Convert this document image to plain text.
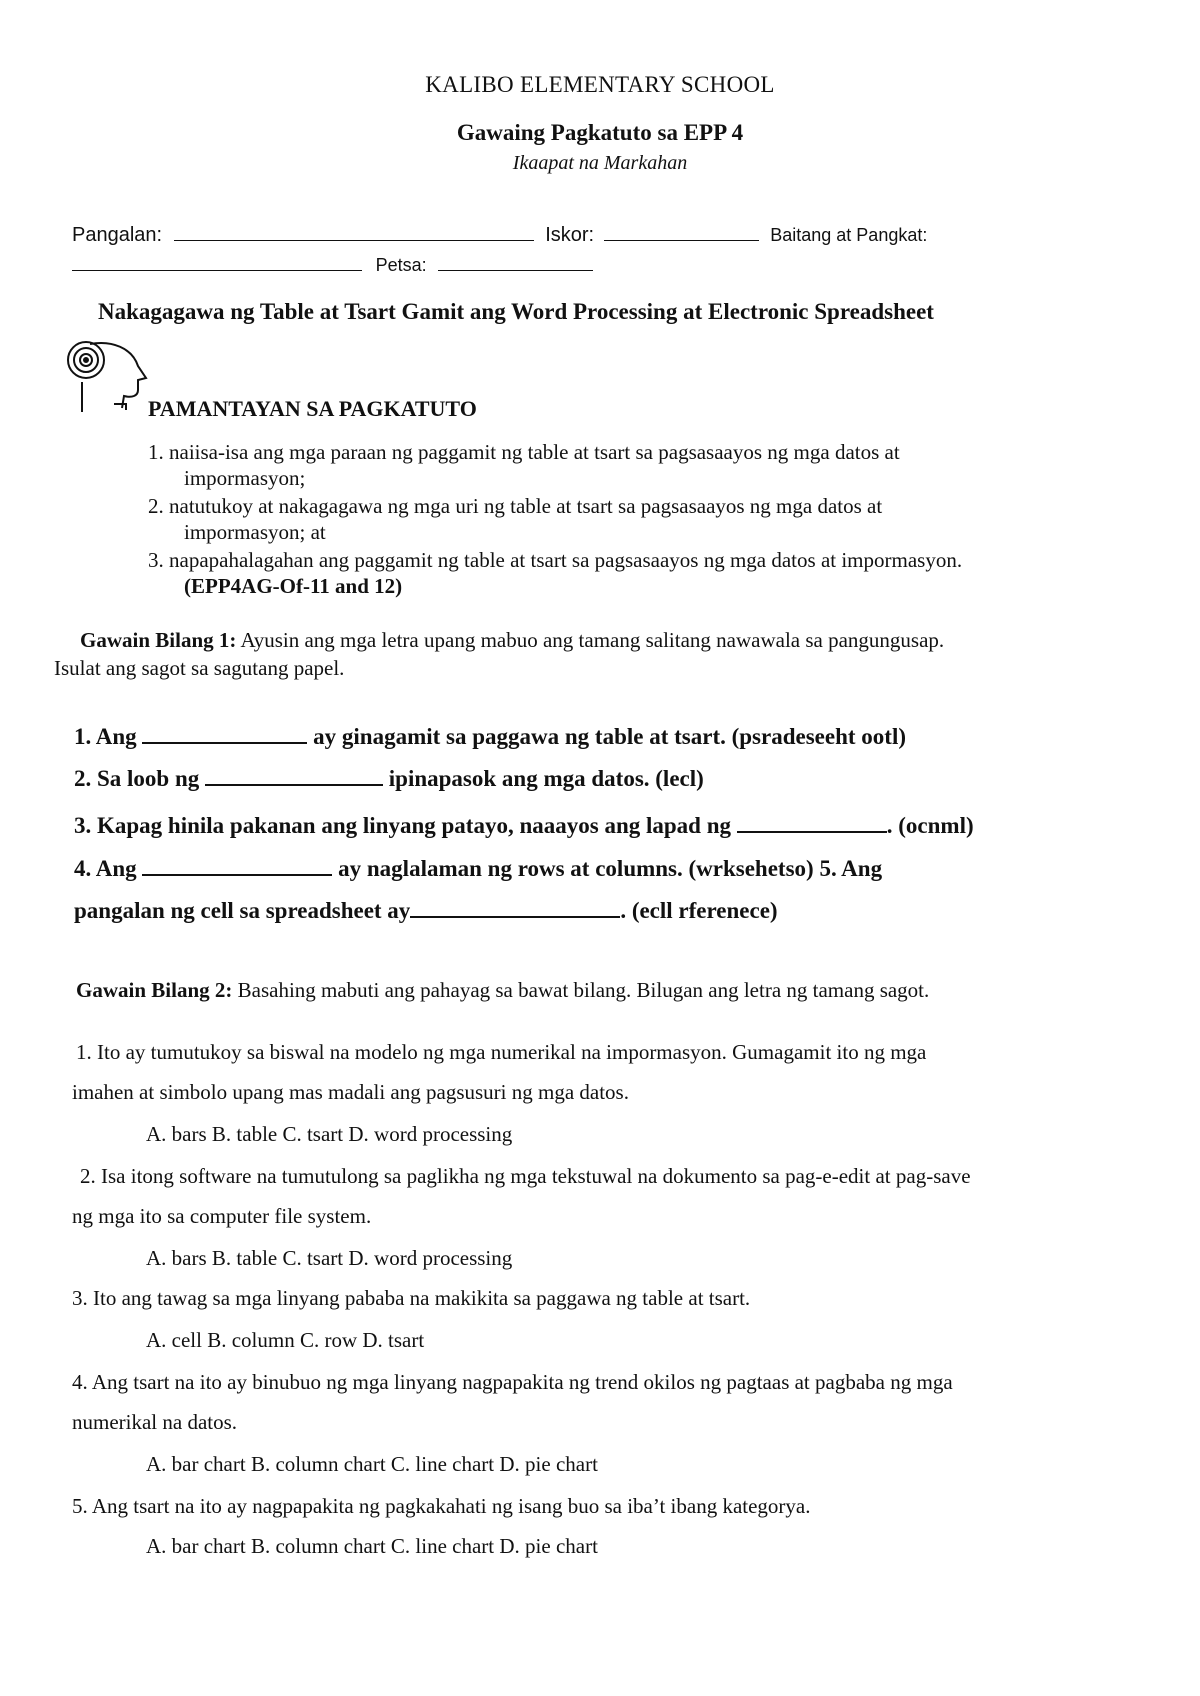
KALIBO ELEMENTARY SCHOOL
Gawaing Pagkatuto sa EPP 4
Ikaapat na Markahan
Pangalan:	Iskor:	Baitang at Pangkat:
Petsa:
Nakagagawa ng Table at Tsart Gamit ang Word Processing at Electronic Spreadsheet
PAMANTAYAN SA PAGKATUTO
1. naiisa-isa ang mga paraan ng paggamit ng table at tsart sa pagsasaayos ng mga datos at
impormasyon;
2. natutukoy at nakagagawa ng mga uri ng table at tsart sa pagsasaayos ng mga datos at
impormasyon; at
3. napapahalagahan ang paggamit ng table at tsart sa pagsasaayos ng mga datos at impormasyon.
(EPP4AG-Of-11 and 12)
Gawain Bilang 1: Ayusin ang mga letra upang mabuo ang tamang salitang nawawala sa pangungusap.
Isulat ang sagot sa sagutang papel.
1. Ang	ay ginagamit sa paggawa ng table at tsart. (psradeseeht ootl)
2. Sa loob ng	ipinapasok ang mga datos. (lecl)
3. Kapag hinila pakanan ang linyang patayo, naaayos ang lapad ng	. (ocnml)
4. Ang	ay naglalaman ng rows at columns. (wrksehetso) 5. Ang
pangalan ng cell sa spreadsheet ay	. (ecll rferenece)
Gawain Bilang 2: Basahing mabuti ang pahayag sa bawat bilang. Bilugan ang letra ng tamang sagot.
1. Ito ay tumutukoy sa biswal na modelo ng mga numerikal na impormasyon. Gumagamit ito ng mga
imahen at simbolo upang mas madali ang pagsusuri ng mga datos.
A. bars B. table C. tsart D. word processing
2. Isa itong software na tumutulong sa paglikha ng mga tekstuwal na dokumento sa pag-e-edit at pag-save
ng mga ito sa computer file system.
A. bars B. table C. tsart D. word processing
3. Ito ang tawag sa mga linyang pababa na makikita sa paggawa ng table at tsart.
A. cell B. column C. row D. tsart
4. Ang tsart na ito ay binubuo ng mga linyang nagpapakita ng trend okilos ng pagtaas at pagbaba ng mga
numerikal na datos.
A. bar chart B. column chart C. line chart D. pie chart
5. Ang tsart na ito ay nagpapakita ng pagkakahati ng isang buo sa iba’t ibang kategorya.
A. bar chart B. column chart C. line chart D. pie chart
